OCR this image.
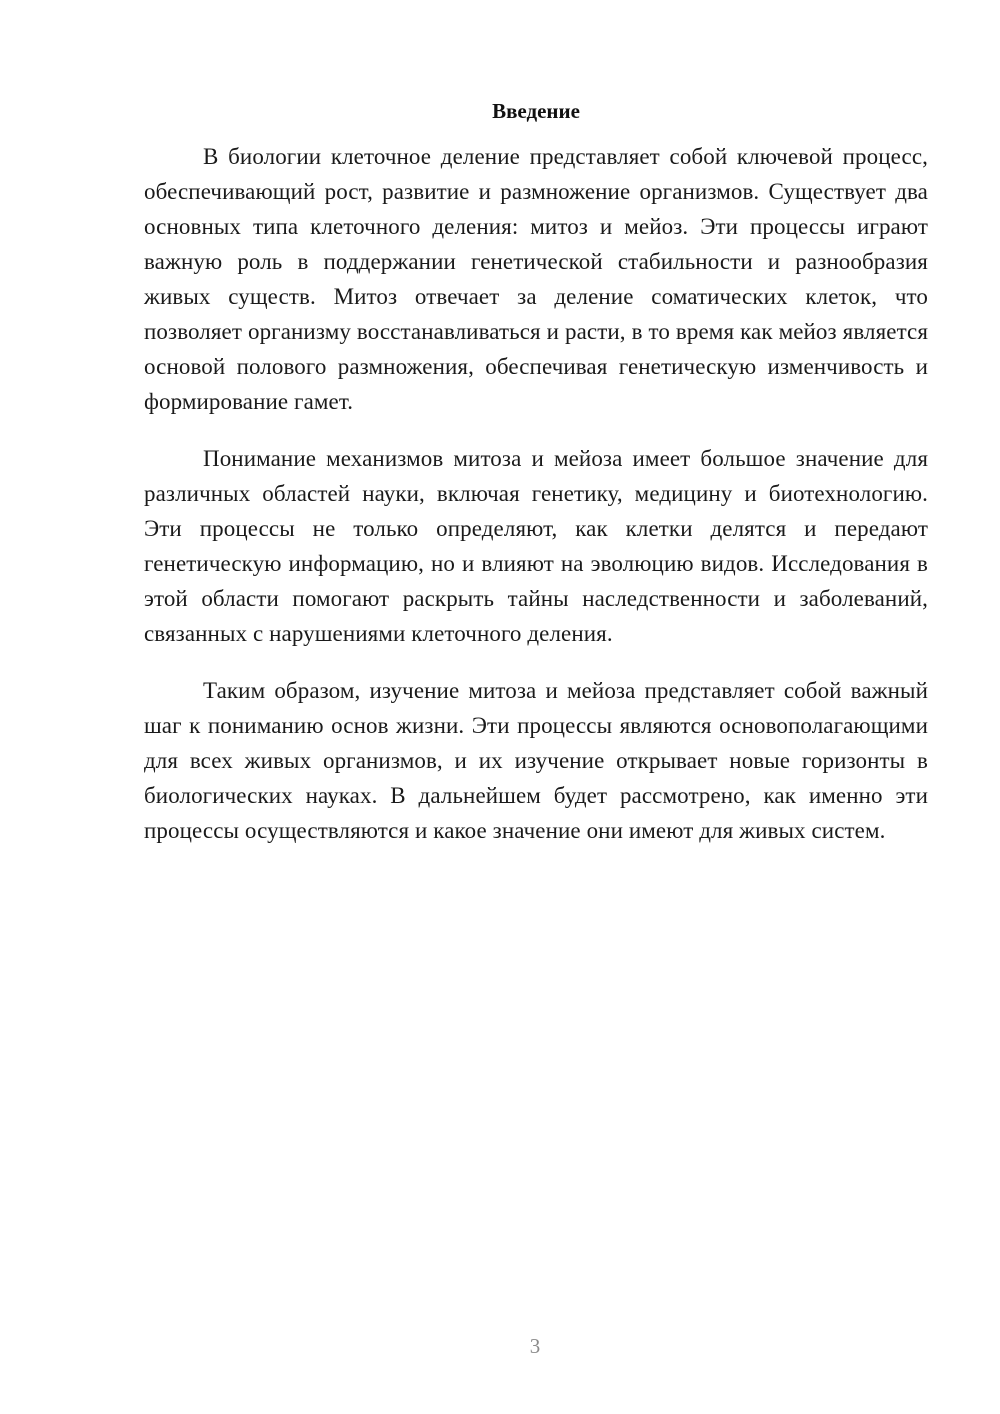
Введение

В биологии клеточное деление представляет собой ключевой процесс, обеспечивающий рост, развитие и размножение организмов. Существует два основных типа клеточного деления: митоз и мейоз. Эти процессы играют важную роль в поддержании генетической стабильности и разнообразия живых существ. Митоз отвечает за деление соматических клеток, что позволяет организму восстанавливаться и расти, в то время как мейоз является основой полового размножения, обеспечивая генетическую изменчивость и формирование гамет.

Понимание механизмов митоза и мейоза имеет большое значение для различных областей науки, включая генетику, медицину и биотехнологию. Эти процессы не только определяют, как клетки делятся и передают генетическую информацию, но и влияют на эволюцию видов. Исследования в этой области помогают раскрыть тайны наследственности и заболеваний, связанных с нарушениями клеточного деления.

Таким образом, изучение митоза и мейоза представляет собой важный шаг к пониманию основ жизни. Эти процессы являются основополагающими для всех живых организмов, и их изучение открывает новые горизонты в биологических науках. В дальнейшем будет рассмотрено, как именно эти процессы осуществляются и какое значение они имеют для живых систем.

3
